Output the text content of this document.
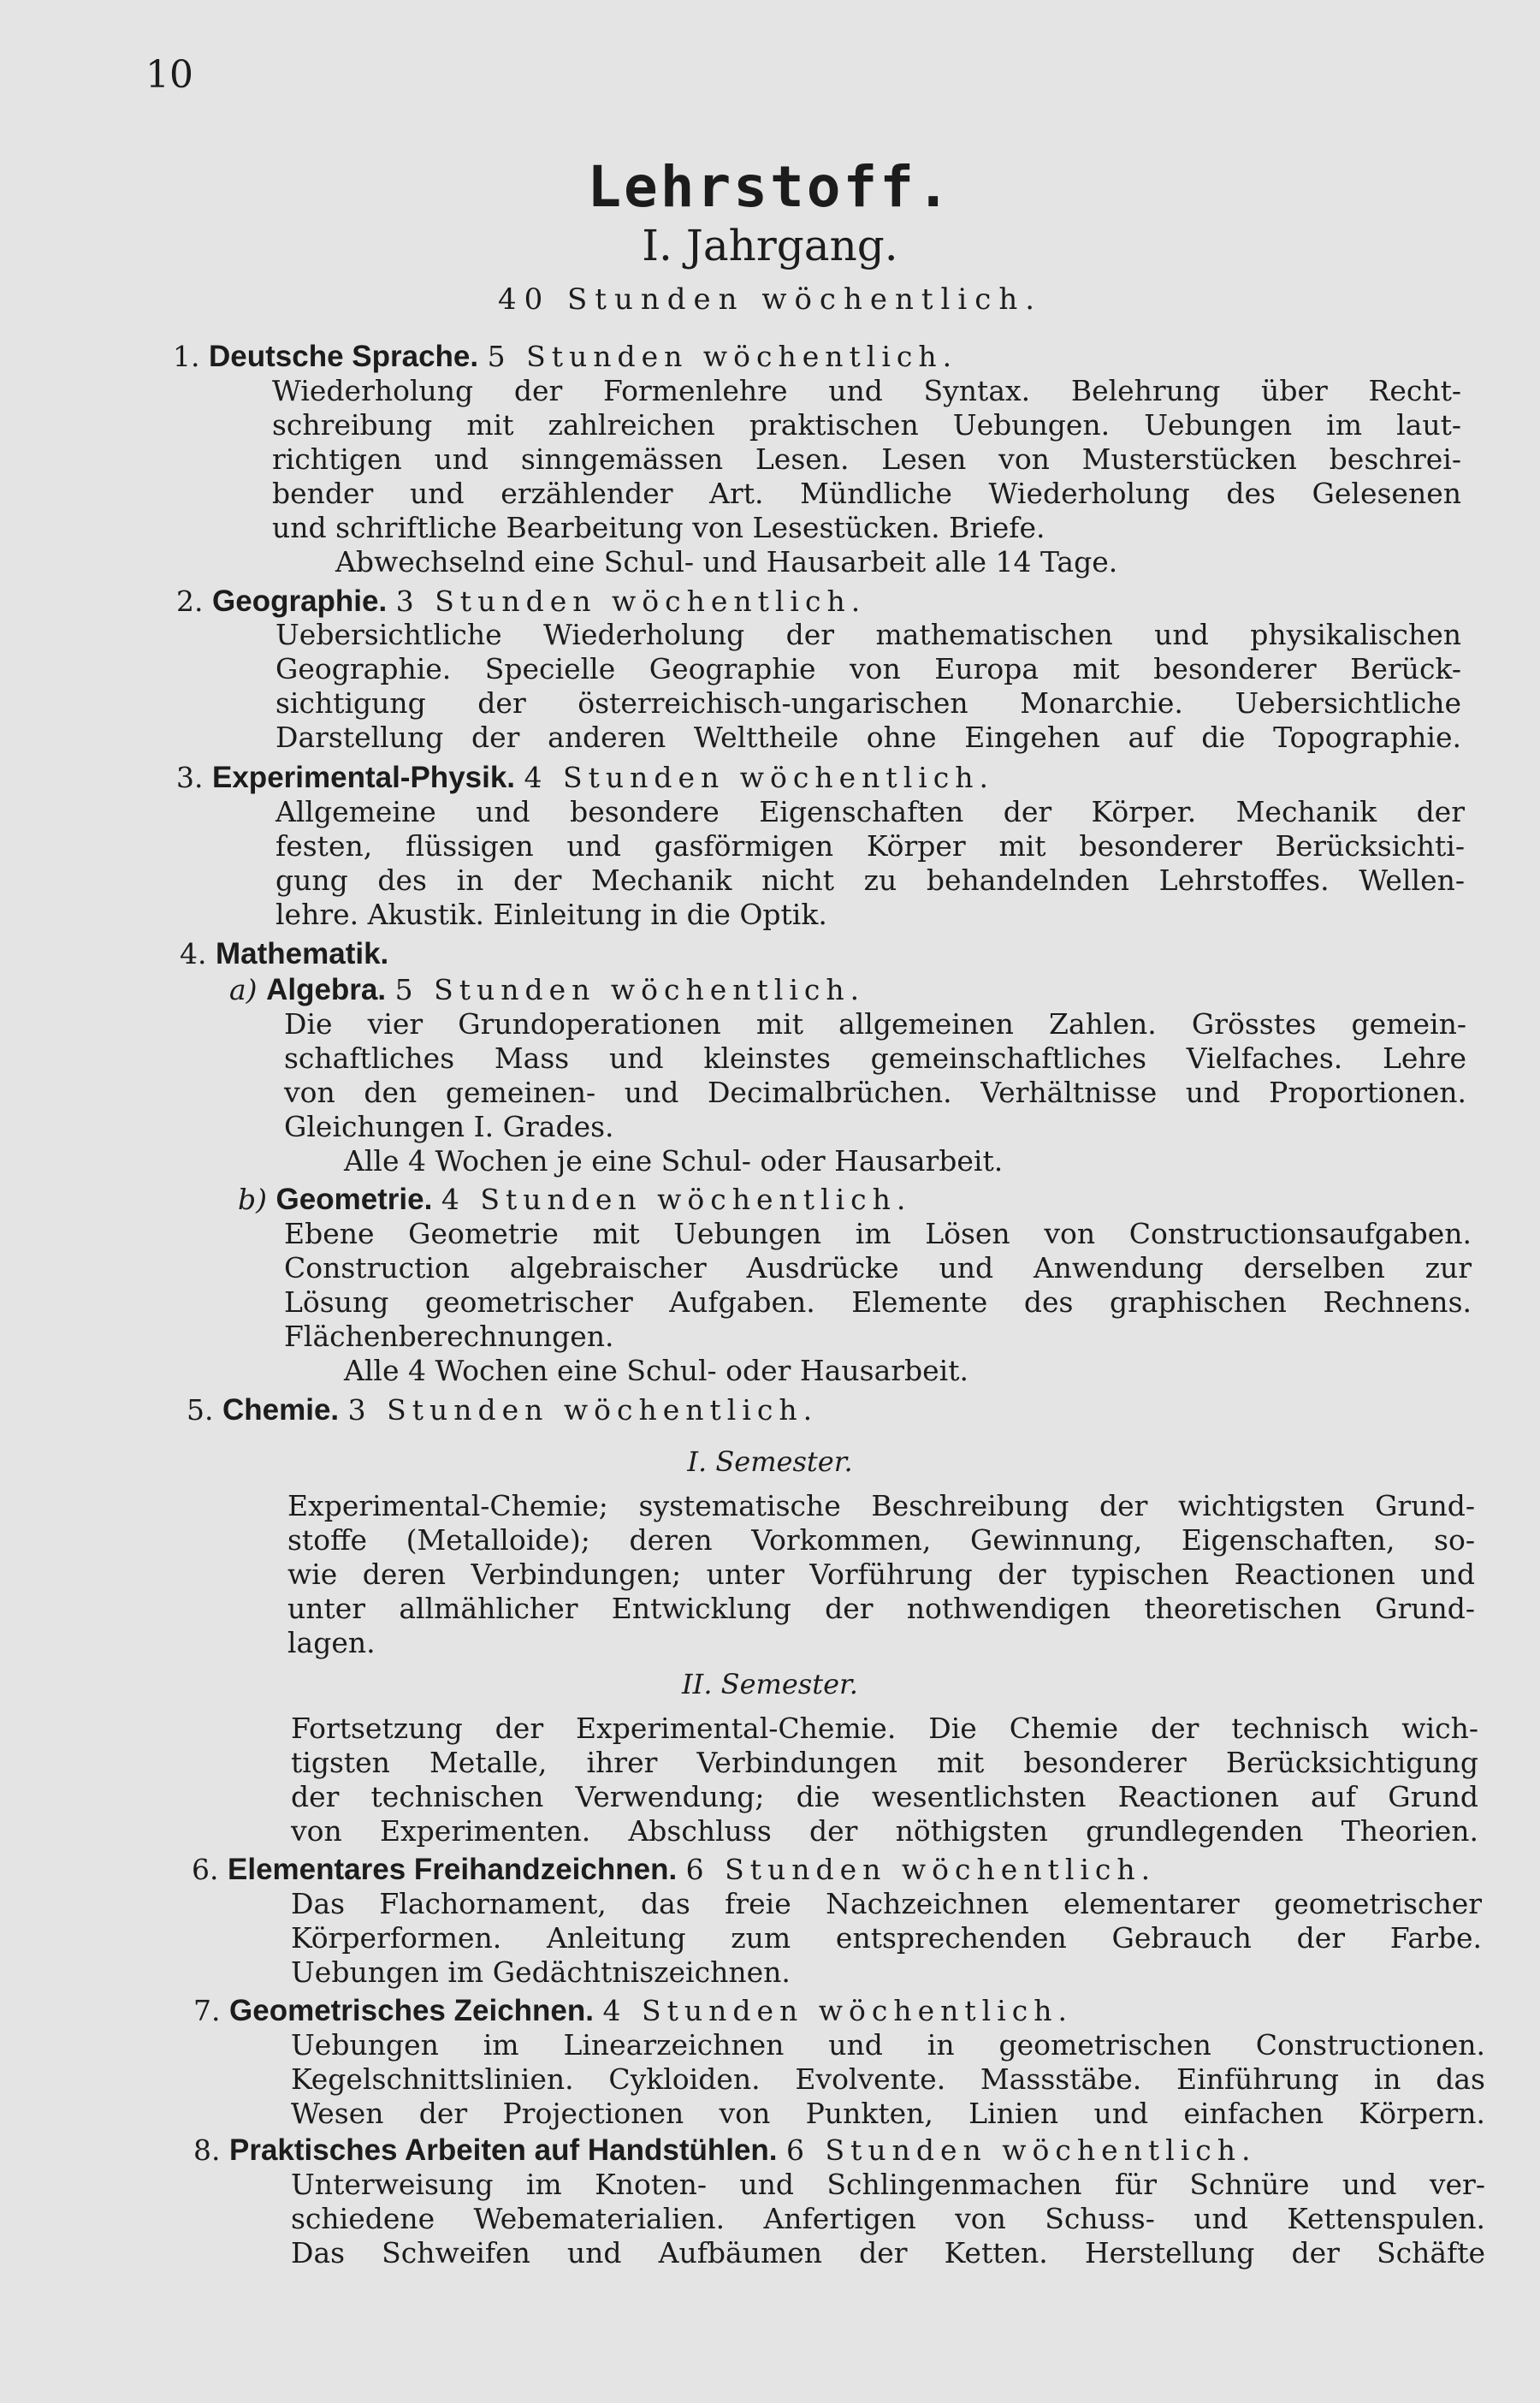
10
Lehrstoff.
I. Jahrgang.
40 Stunden wöchentlich.
1. Deutsche Sprache. 5 Stunden wöchentlich.
Wiederholung der Formenlehre und Syntax. Belehrung über Recht-
schreibung mit zahlreichen praktischen Uebungen. Uebungen im laut-
richtigen und sinngemässen Lesen. Lesen von Musterstücken beschrei-
bender und erzählender Art. Mündliche Wiederholung des Gelesenen
und schriftliche Bearbeitung von Lesestücken. Briefe.
Abwechselnd eine Schul- und Hausarbeit alle 14 Tage.
2. Geographie. 3 Stunden wöchentlich.
Uebersichtliche Wiederholung der mathematischen und physikalischen
Geographie. Specielle Geographie von Europa mit besonderer Berück-
sichtigung der österreichisch-ungarischen Monarchie. Uebersichtliche
Darstellung der anderen Welttheile ohne Eingehen auf die Topographie.
3. Experimental-Physik. 4 Stunden wöchentlich.
Allgemeine und besondere Eigenschaften der Körper. Mechanik der
festen, flüssigen und gasförmigen Körper mit besonderer Berücksichti-
gung des in der Mechanik nicht zu behandelnden Lehrstoffes. Wellen-
lehre. Akustik. Einleitung in die Optik.
4. Mathematik.
a) Algebra. 5 Stunden wöchentlich.
Die vier Grundoperationen mit allgemeinen Zahlen. Grösstes gemein-
schaftliches Mass und kleinstes gemeinschaftliches Vielfaches. Lehre
von den gemeinen- und Decimalbrüchen. Verhältnisse und Proportionen.
Gleichungen I. Grades.
Alle 4 Wochen je eine Schul- oder Hausarbeit.
b) Geometrie. 4 Stunden wöchentlich.
Ebene Geometrie mit Uebungen im Lösen von Constructionsaufgaben.
Construction algebraischer Ausdrücke und Anwendung derselben zur
Lösung geometrischer Aufgaben. Elemente des graphischen Rechnens.
Flächenberechnungen.
Alle 4 Wochen eine Schul- oder Hausarbeit.
5. Chemie. 3 Stunden wöchentlich.
I. Semester.
Experimental-Chemie; systematische Beschreibung der wichtigsten Grund-
stoffe (Metalloide); deren Vorkommen, Gewinnung, Eigenschaften, so-
wie deren Verbindungen; unter Vorführung der typischen Reactionen und
unter allmählicher Entwicklung der nothwendigen theoretischen Grund-
lagen.
II. Semester.
Fortsetzung der Experimental-Chemie. Die Chemie der technisch wich-
tigsten Metalle, ihrer Verbindungen mit besonderer Berücksichtigung
der technischen Verwendung; die wesentlichsten Reactionen auf Grund
von Experimenten. Abschluss der nöthigsten grundlegenden Theorien.
6. Elementares Freihandzeichnen. 6 Stunden wöchentlich.
Das Flachornament, das freie Nachzeichnen elementarer geometrischer
Körperformen. Anleitung zum entsprechenden Gebrauch der Farbe.
Uebungen im Gedächtniszeichnen.
7. Geometrisches Zeichnen. 4 Stunden wöchentlich.
Uebungen im Linearzeichnen und in geometrischen Constructionen.
Kegelschnittslinien. Cykloiden. Evolvente. Massstäbe. Einführung in das
Wesen der Projectionen von Punkten, Linien und einfachen Körpern.
8. Praktisches Arbeiten auf Handstühlen. 6 Stunden wöchentlich.
Unterweisung im Knoten- und Schlingenmachen für Schnüre und ver-
schiedene Webematerialien. Anfertigen von Schuss- und Kettenspulen.
Das Schweifen und Aufbäumen der Ketten. Herstellung der Schäfte
